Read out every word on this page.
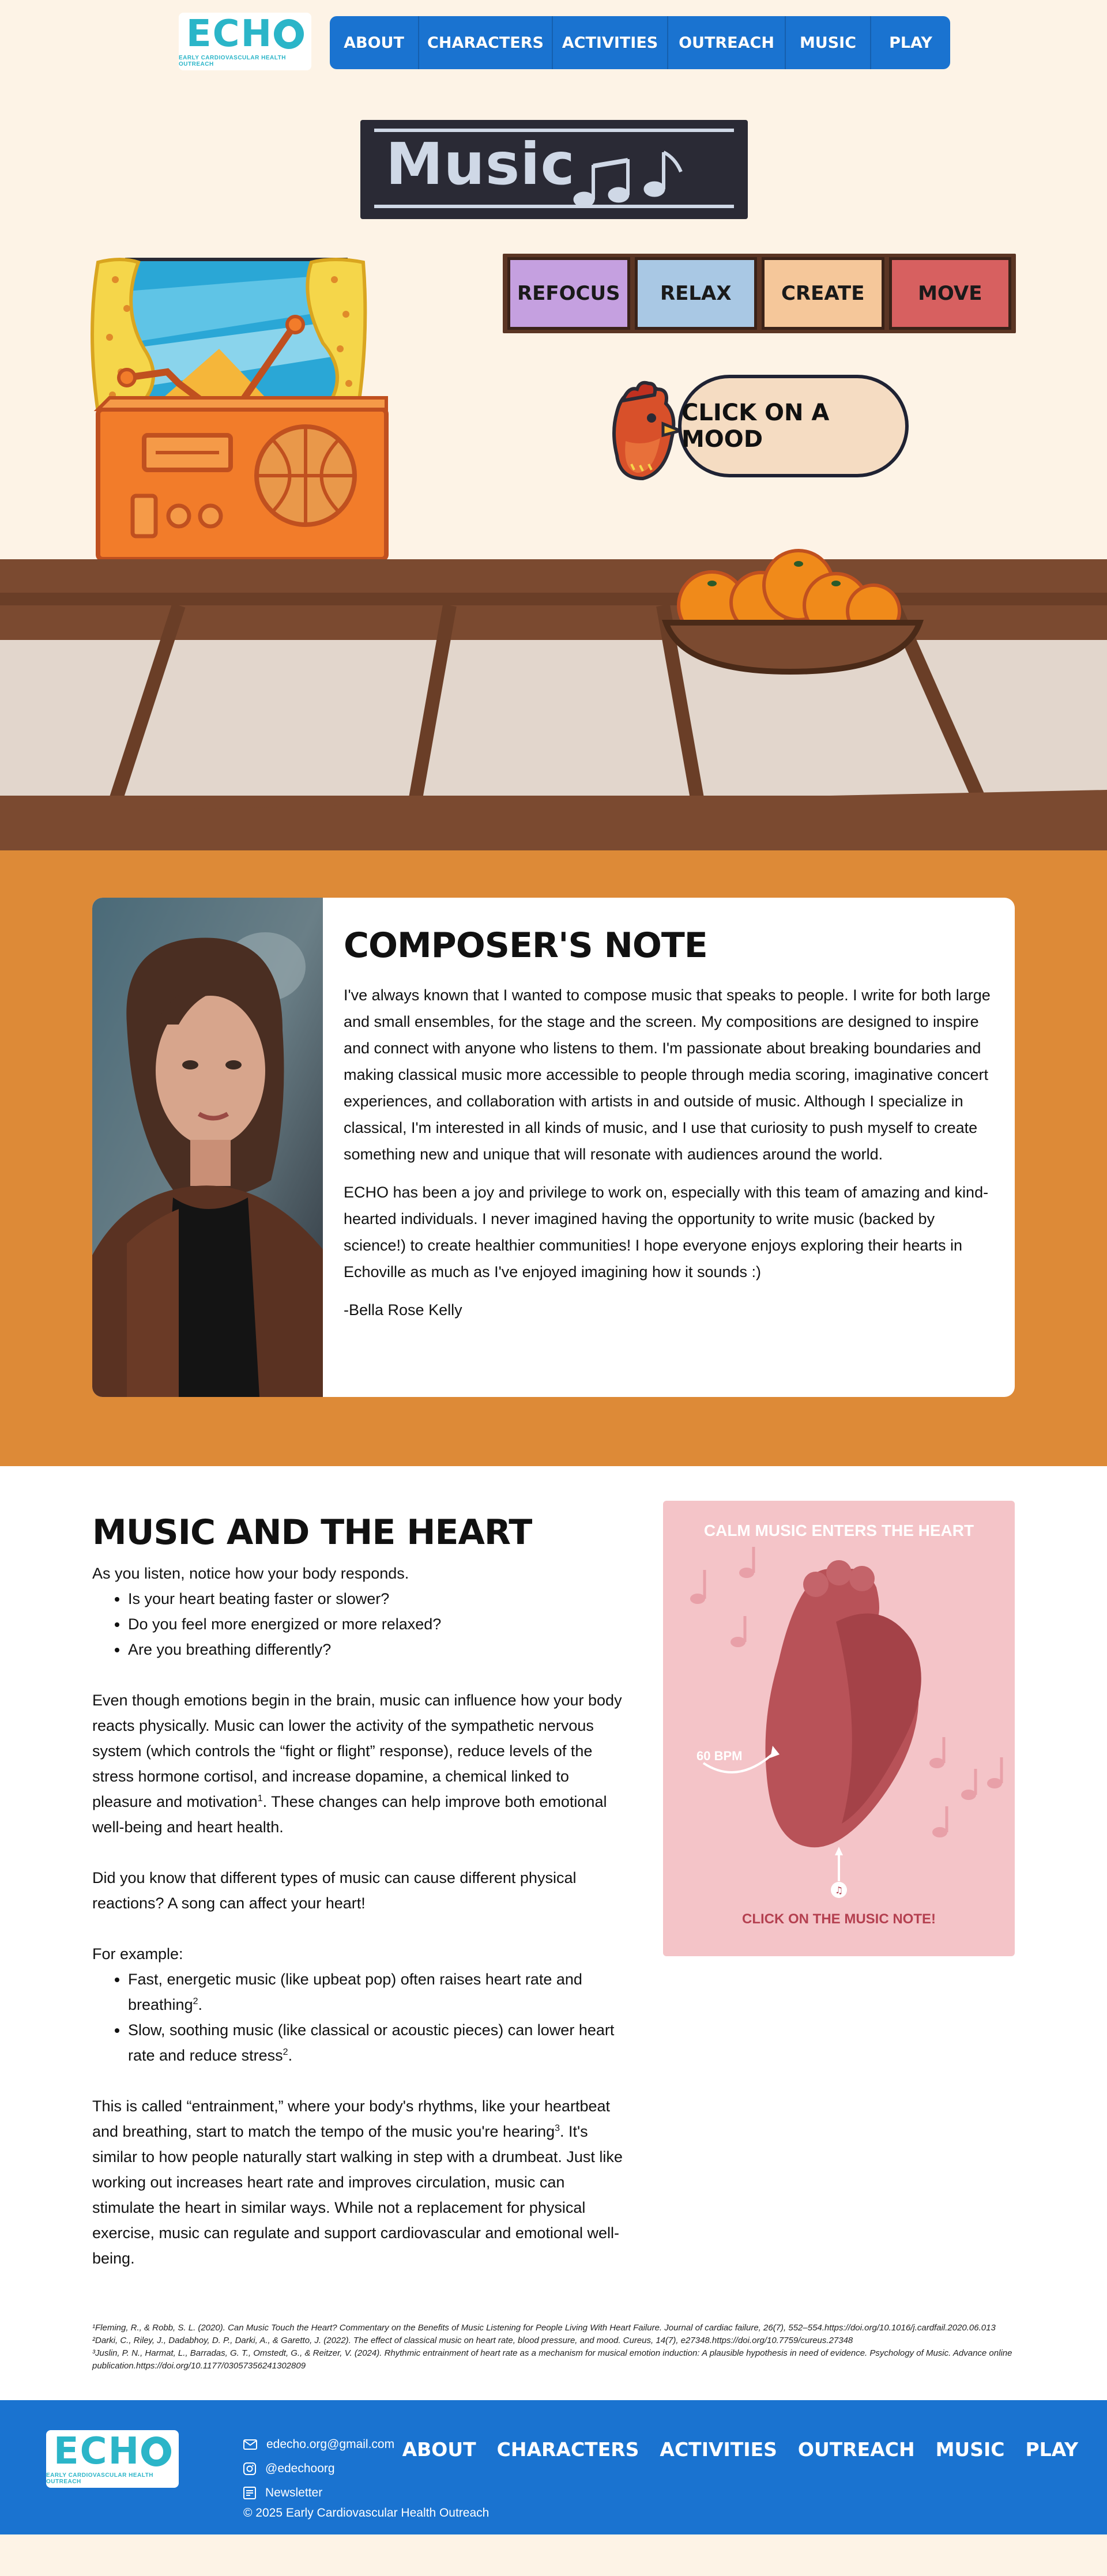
ECH
EARLY CARDIOVASCULAR HEALTH OUTREACH
ABOUT	CHARACTERS	ACTIVITIES	OUTREACH	MUSIC	PLAY
Music
REFOCUS	RELAX	CREATE	MOVE
CLICK ON A MOOD
COMPOSER'S NOTE

I've always known that I wanted to compose music that speaks to people. I write for both large and small ensembles, for the stage and the screen. My compositions are designed to inspire and connect with anyone who listens to them. I'm passionate about breaking boundaries and making classical music more accessible to people through media scoring, imaginative concert experiences, and collaboration with artists in and outside of music. Although I specialize in classical, I'm interested in all kinds of music, and I use that curiosity to push myself to create something new and unique that will resonate with audiences around the world.

ECHO has been a joy and privilege to work on, especially with this team of amazing and kind-hearted individuals. I never imagined having the opportunity to write music (backed by science!) to create healthier communities! I hope everyone enjoys exploring their hearts in Echoville as much as I've enjoyed imagining how it sounds :)

-Bella Rose Kelly

MUSIC AND THE HEART

As you listen, notice how your body responds.

• Is your heart beating faster or slower?
• Do you feel more energized or more relaxed?
• Are you breathing differently?

Even though emotions begin in the brain, music can influence how your body reacts physically. Music can lower the activity of the sympathetic nervous system (which controls the “fight or flight” response), reduce levels of the stress hormone cortisol, and increase dopamine, a chemical linked to pleasure and motivation$^1$. These changes can help improve both emotional well-being and heart health.

Did you know that different types of music can cause different physical reactions? A song can affect your heart!

For example:

• Fast, energetic music (like upbeat pop) often raises heart rate and breathing$^2$.
• Slow, soothing music (like classical or acoustic pieces) can lower heart rate and reduce stress$^2$.

This is called “entrainment,” where your body's rhythms, like your heartbeat and breathing, start to match the tempo of the music you're hearing$^3$. It's similar to how people naturally start walking in step with a drumbeat. Just like working out increases heart rate and improves circulation, music can stimulate the heart in similar ways. While not a replacement for physical exercise, music can regulate and support cardiovascular and emotional well-being.

CALM MUSIC ENTERS THE HEART
♫
60 BPM
CLICK ON THE MUSIC NOTE!

¹Fleming, R., & Robb, S. L. (2020). Can Music Touch the Heart? Commentary on the Benefits of Music Listening for People Living With Heart Failure. Journal of cardiac failure, 26(7), 552–554.https://doi.org/10.1016/j.cardfail.2020.06.013

²Darki, C., Riley, J., Dadabhoy, D. P., Darki, A., & Garetto, J. (2022). The effect of classical music on heart rate, blood pressure, and mood. Cureus, 14(7), e27348.https://doi.org/10.7759/cureus.27348

³Juslin, P. N., Harmat, L., Barradas, G. T., Omstedt, G., & Reitzer, V. (2024). Rhythmic entrainment of heart rate as a mechanism for musical emotion induction: A plausible hypothesis in need of evidence. Psychology of Music. Advance online publication.https://doi.org/10.1177/03057356241302809

ECH
EARLY CARDIOVASCULAR HEALTH OUTREACH
edecho.org@gmail.com
@edechoorg
Newsletter
© 2025 Early Cardiovascular Health Outreach
ABOUT CHARACTERS ACTIVITIES OUTREACH MUSIC PLAY
